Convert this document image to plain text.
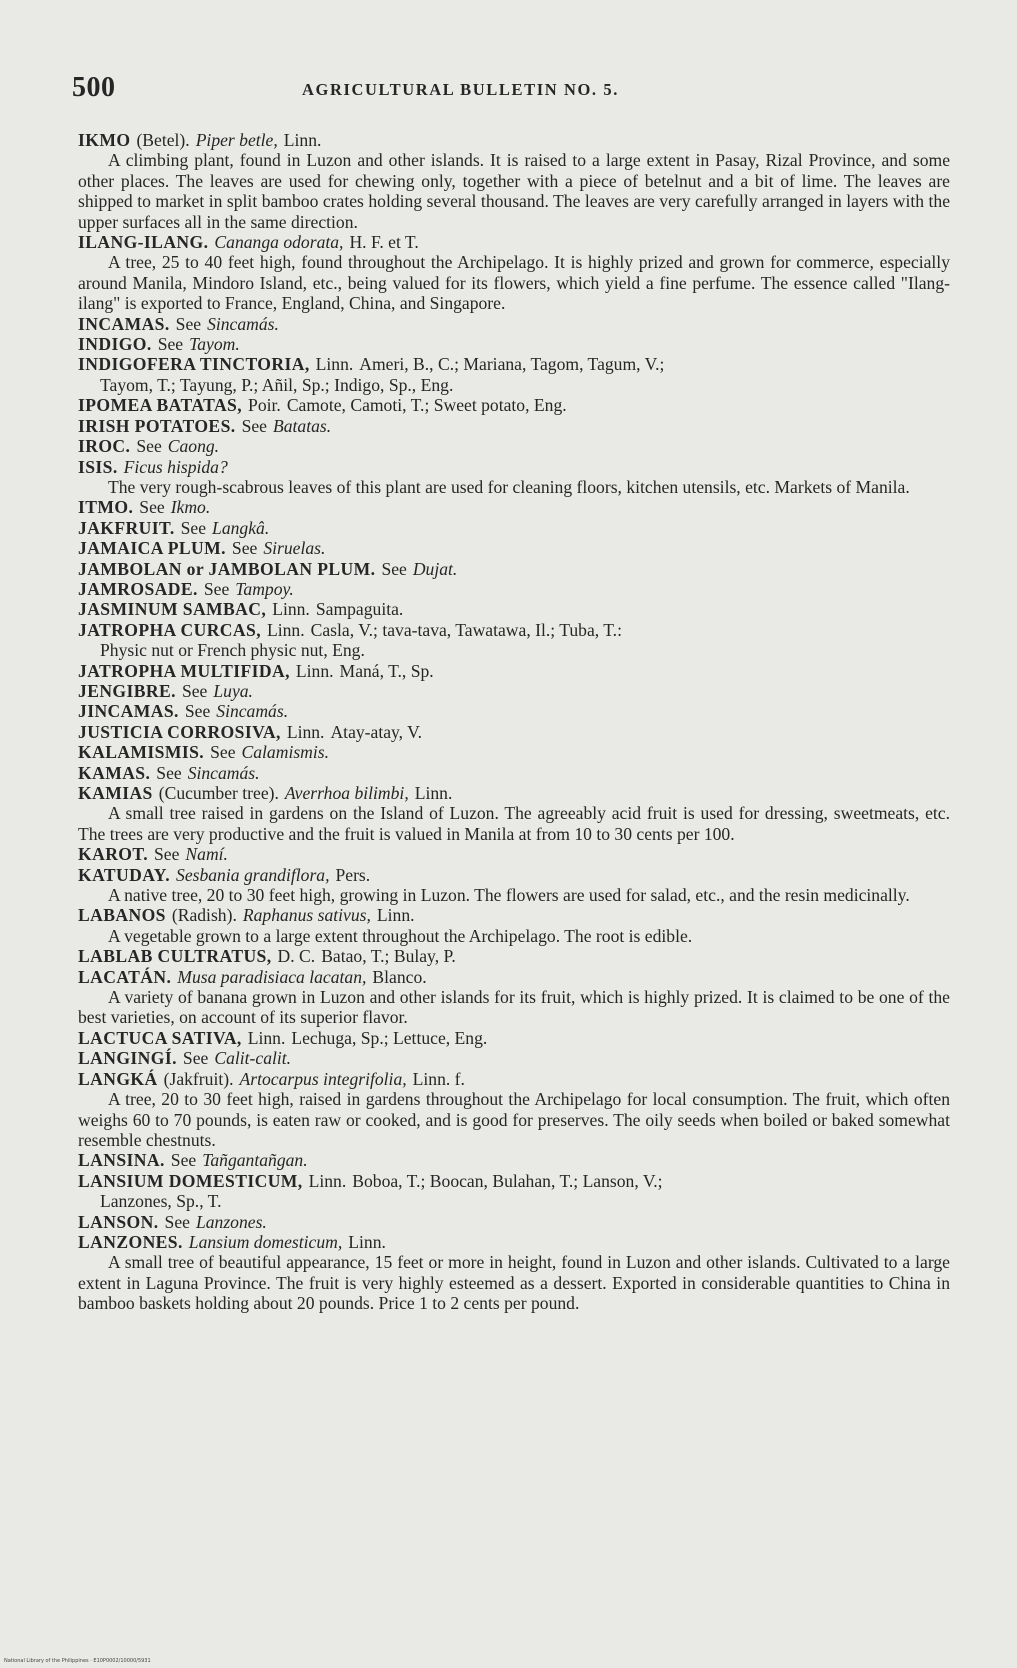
500	AGRICULTURAL BULLETIN NO. 5.
IKMO (Betel). Piper betle, Linn.
A climbing plant, found in Luzon and other islands. It is raised to a large extent in Pasay, Rizal Province, and some other places. The leaves are used for chewing only, together with a piece of betelnut and a bit of lime. The leaves are shipped to market in split bamboo crates holding several thousand. The leaves are very carefully arranged in layers with the upper surfaces all in the same direction.
ILANG-ILANG. Cananga odorata, H. F. et T.
A tree, 25 to 40 feet high, found throughout the Archipelago. It is highly prized and grown for commerce, especially around Manila, Mindoro Island, etc., being valued for its flowers, which yield a fine perfume. The essence called "Ilang-ilang" is exported to France, England, China, and Singapore.
INCAMAS. See Sincamás.
INDIGO. See Tayom.
INDIGOFERA TINCTORIA, Linn. Ameri, B., C.; Mariana, Tagom, Tagum, V.;
Tayom, T.; Tayung, P.; Añil, Sp.; Indigo, Sp., Eng.
IPOMEA BATATAS, Poir. Camote, Camoti, T.; Sweet potato, Eng.
IRISH POTATOES. See Batatas.
IROC. See Caong.
ISIS. Ficus hispida?
The very rough-scabrous leaves of this plant are used for cleaning floors, kitchen utensils, etc. Markets of Manila.
ITMO. See Ikmo.
JAKFRUIT. See Langkâ.
JAMAICA PLUM. See Siruelas.
JAMBOLAN or JAMBOLAN PLUM. See Dujat.
JAMROSADE. See Tampoy.
JASMINUM SAMBAC, Linn. Sampaguita.
JATROPHA CURCAS, Linn. Casla, V.; tava-tava, Tawatawa, Il.; Tuba, T.:
Physic nut or French physic nut, Eng.
JATROPHA MULTIFIDA, Linn. Maná, T., Sp.
JENGIBRE. See Luya.
JINCAMAS. See Sincamás.
JUSTICIA CORROSIVA, Linn. Atay-atay, V.
KALAMISMIS. See Calamismis.
KAMAS. See Sincamás.
KAMIAS (Cucumber tree). Averrhoa bilimbi, Linn.
A small tree raised in gardens on the Island of Luzon. The agreeably acid fruit is used for dressing, sweetmeats, etc. The trees are very productive and the fruit is valued in Manila at from 10 to 30 cents per 100.
KAROT. See Namí.
KATUDAY. Sesbania grandiflora, Pers.
A native tree, 20 to 30 feet high, growing in Luzon. The flowers are used for salad, etc., and the resin medicinally.
LABANOS (Radish). Raphanus sativus, Linn.
A vegetable grown to a large extent throughout the Archipelago. The root is edible.
LABLAB CULTRATUS, D. C. Batao, T.; Bulay, P.
LACATÁN. Musa paradisiaca lacatan, Blanco.
A variety of banana grown in Luzon and other islands for its fruit, which is highly prized. It is claimed to be one of the best varieties, on account of its superior flavor.
LACTUCA SATIVA, Linn. Lechuga, Sp.; Lettuce, Eng.
LANGINGÍ. See Calit-calit.
LANGKÁ (Jakfruit). Artocarpus integrifolia, Linn. f.
A tree, 20 to 30 feet high, raised in gardens throughout the Archipelago for local consumption. The fruit, which often weighs 60 to 70 pounds, is eaten raw or cooked, and is good for preserves. The oily seeds when boiled or baked somewhat resemble chestnuts.
LANSINA. See Tañgantañgan.
LANSIUM DOMESTICUM, Linn. Boboa, T.; Boocan, Bulahan, T.; Lanson, V.;
Lanzones, Sp., T.
LANSON. See Lanzones.
LANZONES. Lansium domesticum, Linn.
A small tree of beautiful appearance, 15 feet or more in height, found in Luzon and other islands. Cultivated to a large extent in Laguna Province. The fruit is very highly esteemed as a dessert. Exported in considerable quantities to China in bamboo baskets holding about 20 pounds. Price 1 to 2 cents per pound.
National Library of the Philippines · E10P0002/10000/5931
